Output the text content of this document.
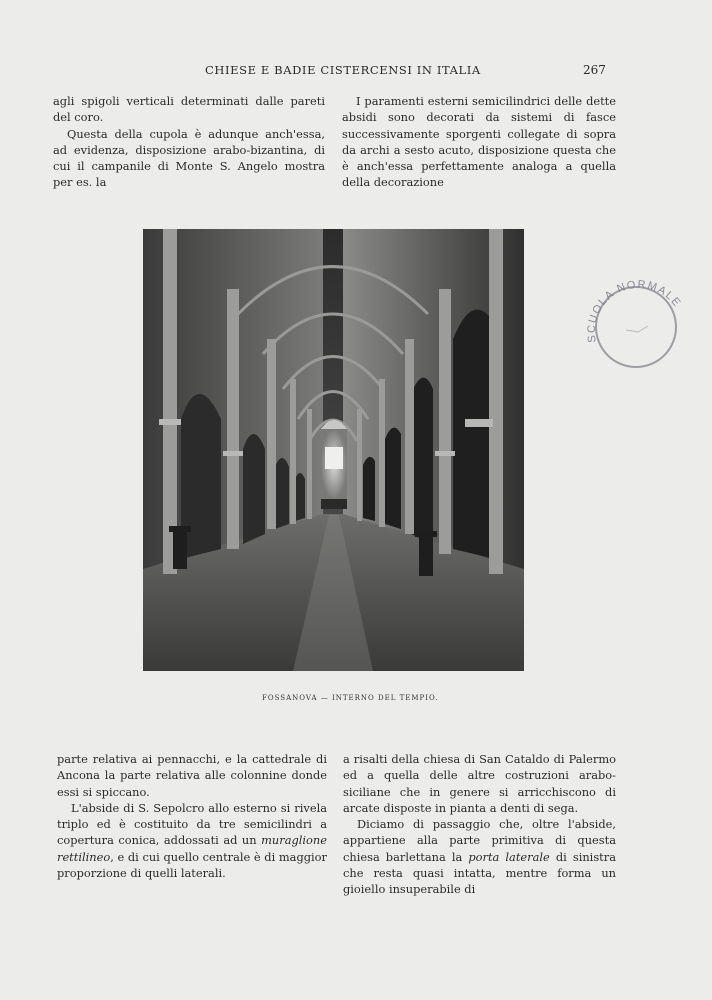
CHIESE E BADIE CISTERCENSI IN ITALIA	267

agli spigoli verticali determinati dalle pareti del coro.

Questa della cupola è adunque anch'essa, ad evidenza, disposizione arabo-bizantina, di cui il campanile di Monte S. Angelo mostra per es. la

I paramenti esterni semicilindrici delle dette absidi sono decorati da sistemi di fasce successivamente sporgenti collegate di sopra da archi a sesto acuto, disposizione questa che è anch'essa perfettamente analoga a quella della decorazione

FOSSANOVA — INTERNO DEL TEMPIO.
SCUOLA NORMALE

parte relativa ai pennacchi, e la cattedrale di Ancona la parte relativa alle colonnine donde essi si spiccano.

L'abside di S. Sepolcro allo esterno si rivela triplo ed è costituito da tre semicilindri a copertura conica, addossati ad un muraglione rettilineo, e di cui quello centrale è di maggior proporzione di quelli laterali.

a risalti della chiesa di San Cataldo di Palermo ed a quella delle altre costruzioni arabo-siciliane che in genere si arricchiscono di arcate disposte in pianta a denti di sega.

Diciamo di passaggio che, oltre l'abside, appartiene alla parte primitiva di questa chiesa barlettana la porta laterale di sinistra che resta quasi intatta, mentre forma un gioiello insuperabile di
